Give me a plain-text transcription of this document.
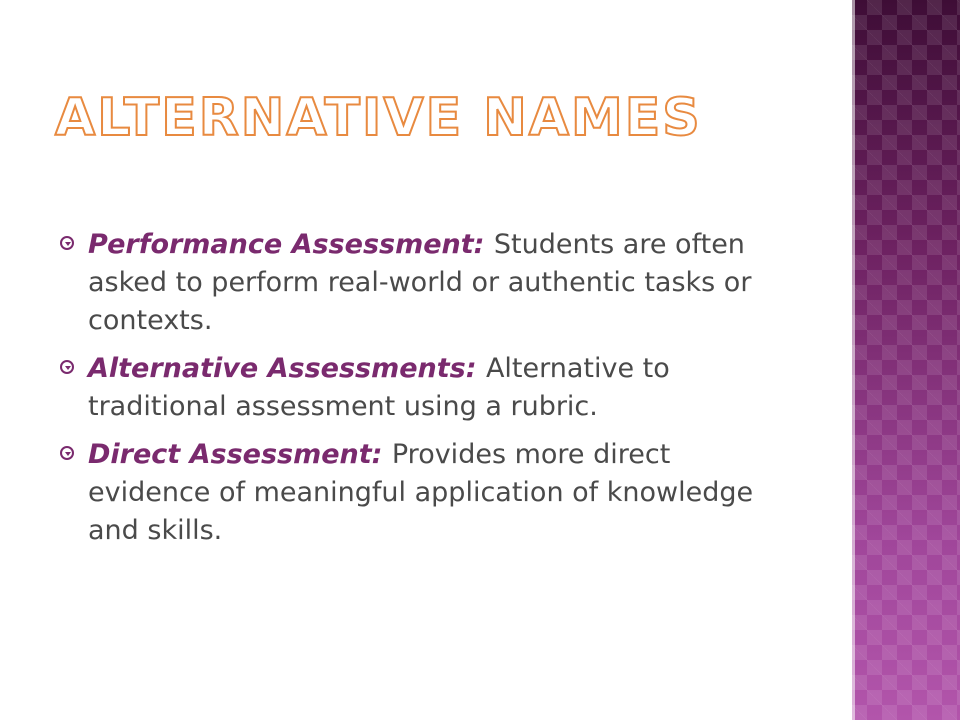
ALTERNATIVE NAMES
Performance Assessment: Students are often asked to perform real-world or authentic tasks or contexts.
Alternative Assessments: Alternative to traditional assessment using a rubric.
Direct Assessment: Provides more direct evidence of meaningful application of knowledge and skills.
